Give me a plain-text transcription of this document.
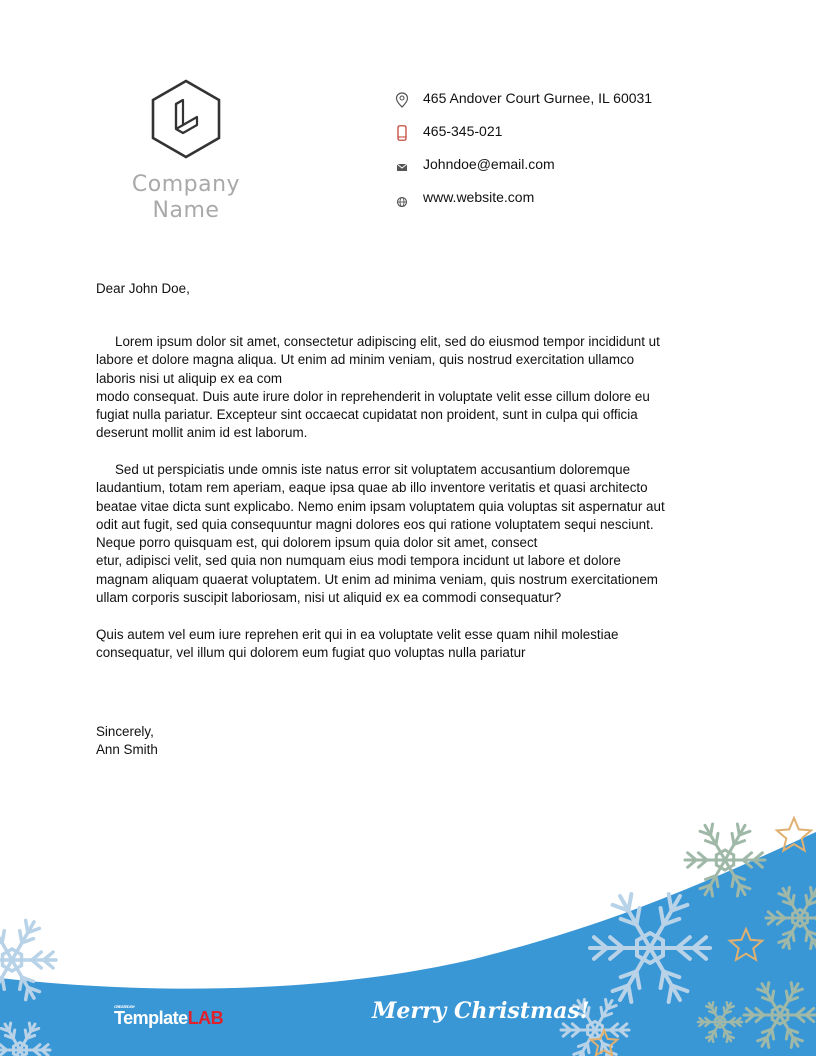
Company
Name
465 Andover Court Gurnee, IL 60031
465-345-021
Johndoe@email.com
www.website.com
Dear John Doe,
Lorem ipsum dolor sit amet, consectetur adipiscing elit, sed do eiusmod tempor incididunt ut
labore et dolore magna aliqua. Ut enim ad minim veniam, quis nostrud exercitation ullamco
laboris nisi ut aliquip ex ea com
modo consequat. Duis aute irure dolor in reprehenderit in voluptate velit esse cillum dolore eu
fugiat nulla pariatur. Excepteur sint occaecat cupidatat non proident, sunt in culpa qui officia
deserunt mollit anim id est laborum.
Sed ut perspiciatis unde omnis iste natus error sit voluptatem accusantium doloremque
laudantium, totam rem aperiam, eaque ipsa quae ab illo inventore veritatis et quasi architecto
beatae vitae dicta sunt explicabo. Nemo enim ipsam voluptatem quia voluptas sit aspernatur aut
odit aut fugit, sed quia consequuntur magni dolores eos qui ratione voluptatem sequi nesciunt.
Neque porro quisquam est, qui dolorem ipsum quia dolor sit amet, consect
etur, adipisci velit, sed quia non numquam eius modi tempora incidunt ut labore et dolore
magnam aliquam quaerat voluptatem. Ut enim ad minima veniam, quis nostrum exercitationem
ullam corporis suscipit laboriosam, nisi ut aliquid ex ea commodi consequatur?
Quis autem vel eum iure reprehen erit qui in ea voluptate velit esse quam nihil molestiae
consequatur, vel illum qui dolorem eum fugiat quo voluptas nulla pariatur
Sincerely,
Ann Smith
CREATED BY
TemplateLAB	Merry Christmas!
